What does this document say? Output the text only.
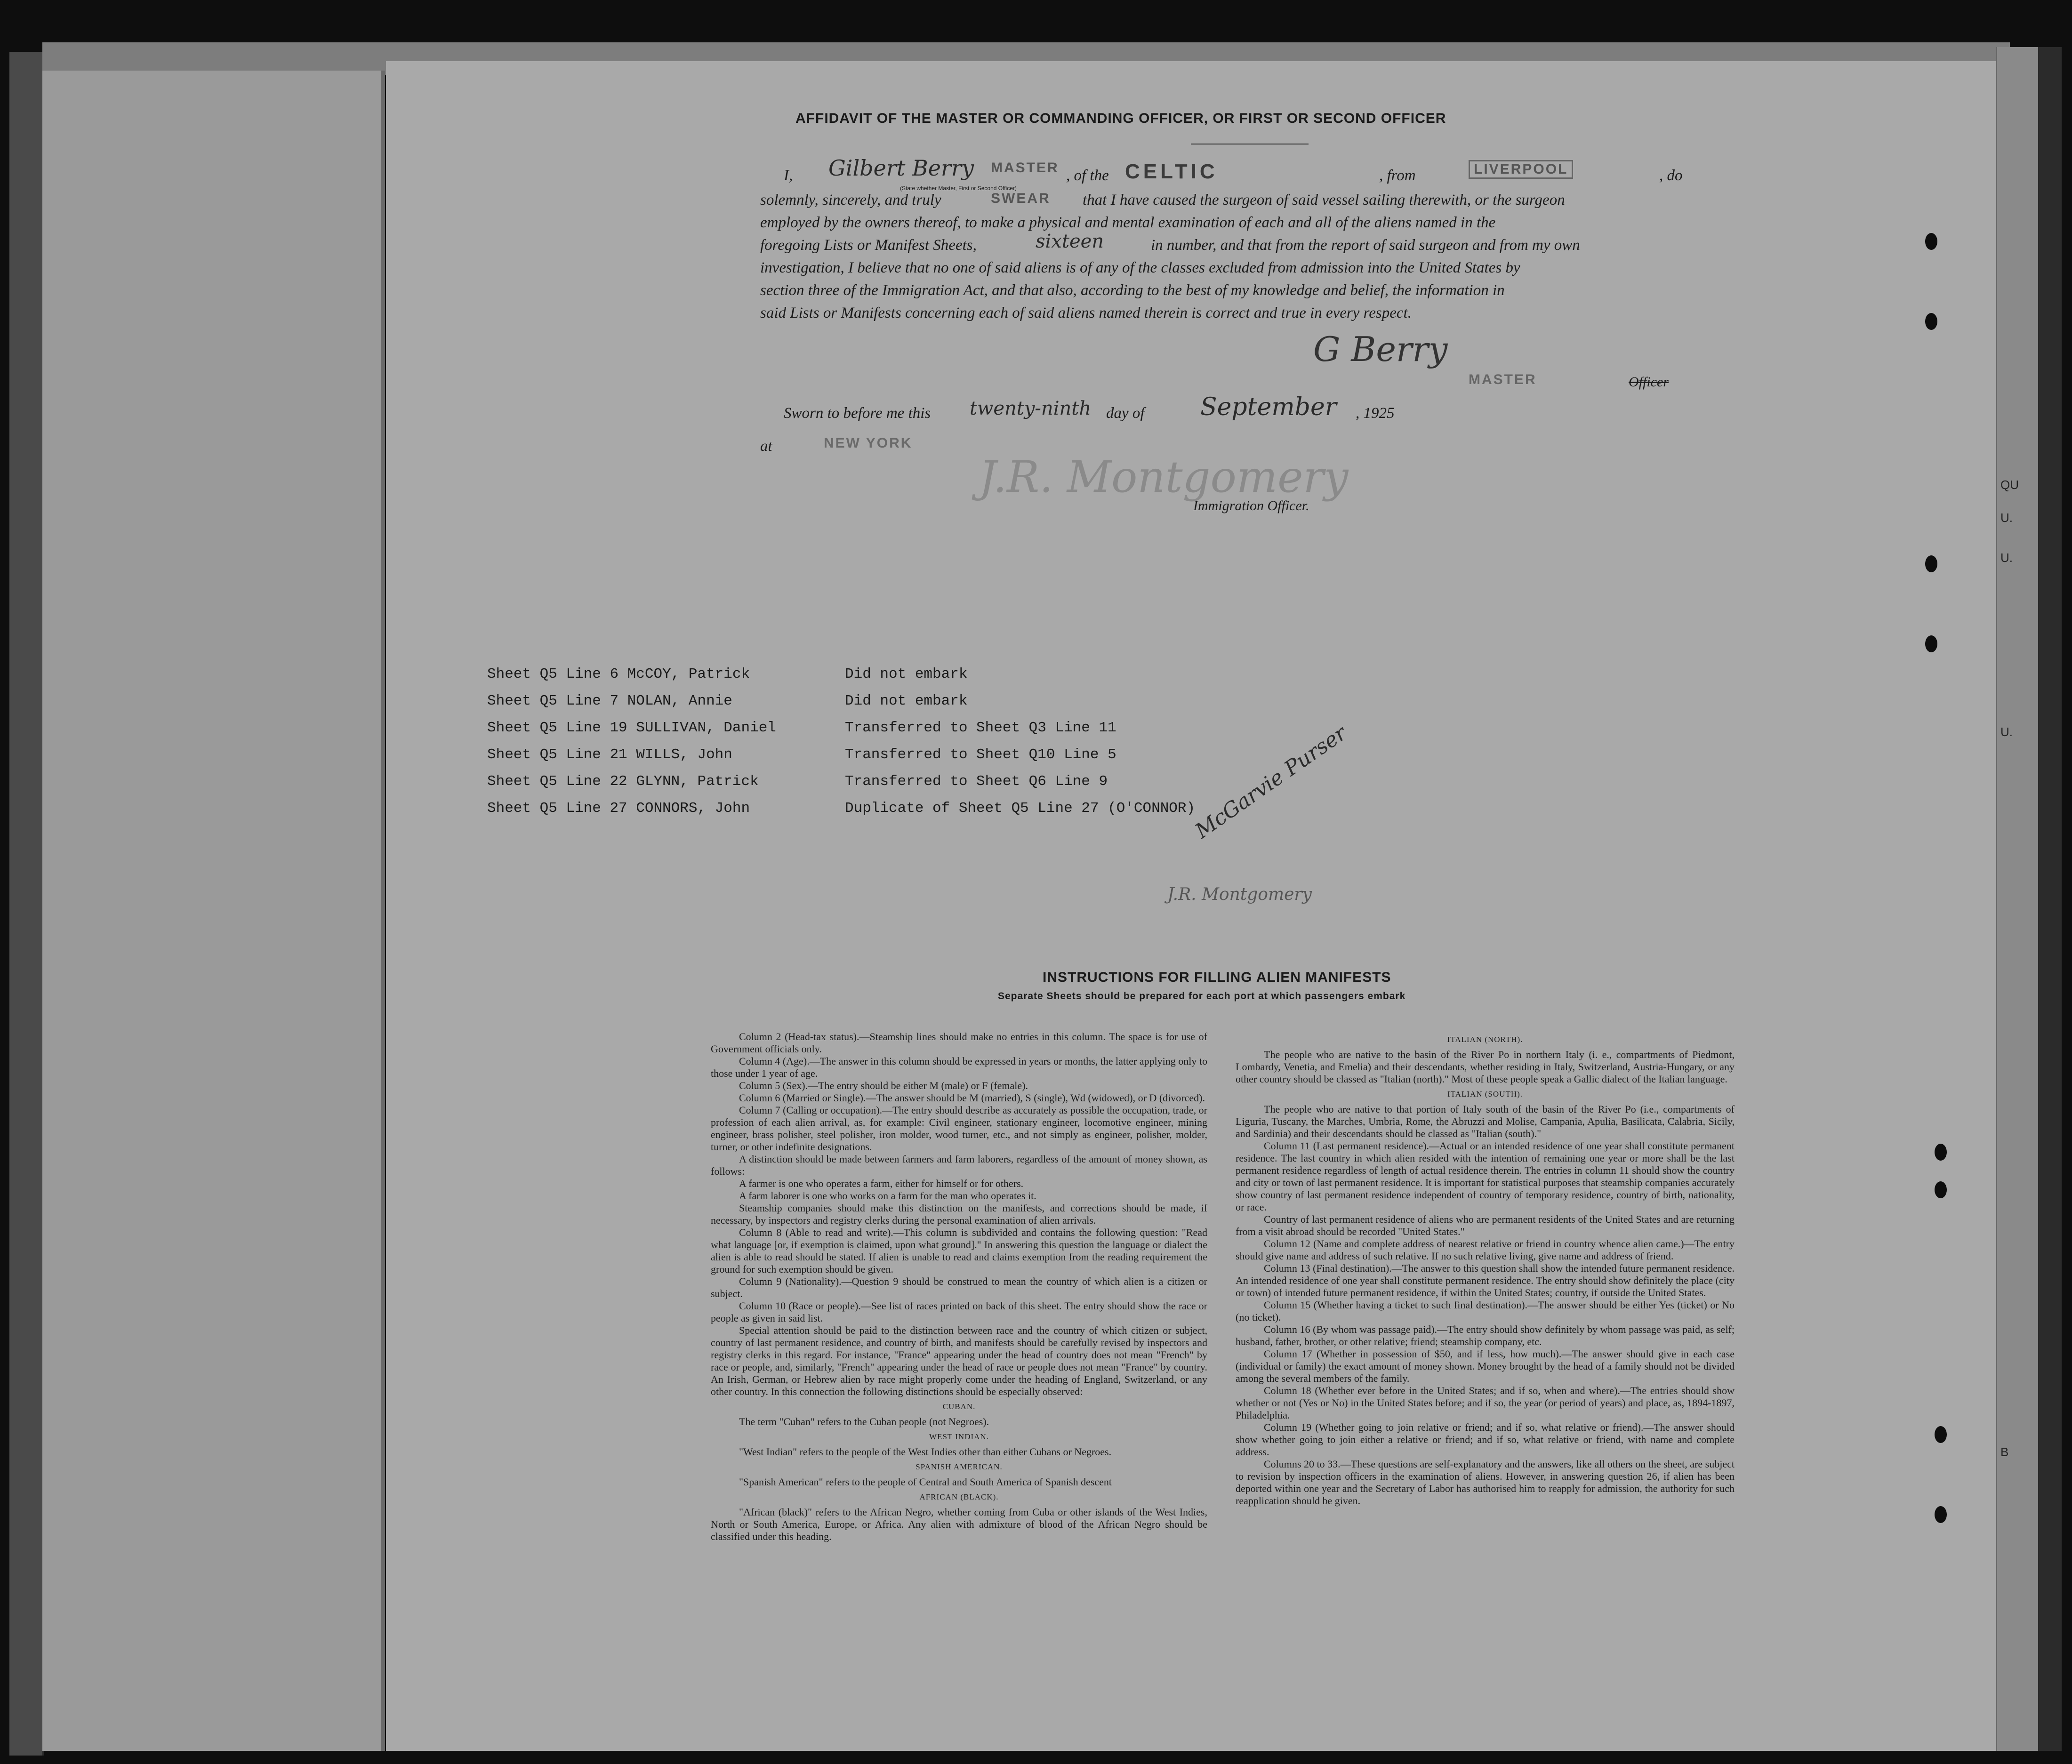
QU
U.
U.
U.
B
AFFIDAVIT OF THE MASTER OR COMMANDING OFFICER, OR FIRST OR SECOND OFFICER
I, Gilbert Berry MASTER
(State whether Master, First or Second Officer)
, of the CELTIC	, from	LIVERPOOL	, do
solemnly, sincerely, and truly	SWEAR that I have caused the surgeon of said vessel sailing therewith, or the surgeon
employed by the owners thereof, to make a physical and mental examination of each and all of the aliens named in the
foregoing Lists or Manifest Sheets,	sixteen	in number, and that from the report of said surgeon and from my own
investigation, I believe that no one of said aliens is of any of the classes excluded from admission into the United States by
section three of the Immigration Act, and that also, according to the best of my knowledge and belief, the information in
said Lists or Manifests concerning each of said aliens named therein is correct and true in every respect.
G Berry
MASTER	Officer
Sworn to before me this twenty-ninth day of September , 1925
at	NEW YORK
J.R. Montgomery
Immigration Officer.
Sheet Q5 Line 6 McCOY, Patrick	Did not embark
Sheet Q5 Line 7 NOLAN, Annie	Did not embark
Sheet Q5 Line 19 SULLIVAN, Daniel	Transferred to Sheet Q3 Line 11
Sheet Q5 Line 21 WILLS, John	Transferred to Sheet Q10 Line 5
Sheet Q5 Line 22 GLYNN, Patrick	Transferred to Sheet Q6 Line 9
Sheet Q5 Line 27 CONNORS, John	Duplicate of Sheet Q5 Line 27 (O'CONNOR)
McGarvie Purser
J.R. Montgomery
INSTRUCTIONS FOR FILLING ALIEN MANIFESTS
Separate Sheets should be prepared for each port at which passengers embark

Column 2 (Head-tax status).—Steamship lines should make no entries in this column. The space is for use of Government officials only.

Column 4 (Age).—The answer in this column should be expressed in years or months, the latter applying only to those under 1 year of age.

Column 5 (Sex).—The entry should be either M (male) or F (female).

Column 6 (Married or Single).—The answer should be M (married), S (single), Wd (widowed), or D (divorced).

Column 7 (Calling or occupation).—The entry should describe as accurately as possible the occupation, trade, or profession of each alien arrival, as, for example: Civil engineer, stationary engineer, locomotive engineer, mining engineer, brass polisher, steel polisher, iron molder, wood turner, etc., and not simply as engineer, polisher, molder, turner, or other indefinite designations.

A distinction should be made between farmers and farm laborers, regardless of the amount of money shown, as follows:

A farmer is one who operates a farm, either for himself or for others.

A farm laborer is one who works on a farm for the man who operates it.

Steamship companies should make this distinction on the manifests, and corrections should be made, if necessary, by inspectors and registry clerks during the personal examination of alien arrivals.

Column 8 (Able to read and write).—This column is subdivided and contains the following question: "Read what language [or, if exemption is claimed, upon what ground]." In answering this question the language or dialect the alien is able to read should be stated. If alien is unable to read and claims exemption from the reading requirement the ground for such exemption should be given.

Column 9 (Nationality).—Question 9 should be construed to mean the country of which alien is a citizen or subject.

Column 10 (Race or people).—See list of races printed on back of this sheet. The entry should show the race or people as given in said list.

Special attention should be paid to the distinction between race and the country of which citizen or subject, country of last permanent residence, and country of birth, and manifests should be carefully revised by inspectors and registry clerks in this regard. For instance, "France" appearing under the head of country does not mean "French" by race or people, and, similarly, "French" appearing under the head of race or people does not mean "France" by country. An Irish, German, or Hebrew alien by race might properly come under the heading of England, Switzerland, or any other country. In this connection the following distinctions should be especially observed:

CUBAN.

The term "Cuban" refers to the Cuban people (not Negroes).

WEST INDIAN.

"West Indian" refers to the people of the West Indies other than either Cubans or Negroes.

SPANISH AMERICAN.

"Spanish American" refers to the people of Central and South America of Spanish descent

AFRICAN (BLACK).

"African (black)" refers to the African Negro, whether coming from Cuba or other islands of the West Indies, North or South America, Europe, or Africa. Any alien with admixture of blood of the African Negro should be classified under this heading.

ITALIAN (NORTH).

The people who are native to the basin of the River Po in northern Italy (i. e., compartments of Piedmont, Lombardy, Venetia, and Emelia) and their descendants, whether residing in Italy, Switzerland, Austria-Hungary, or any other country should be classed as "Italian (north)." Most of these people speak a Gallic dialect of the Italian language.

ITALIAN (SOUTH).

The people who are native to that portion of Italy south of the basin of the River Po (i.e., compartments of Liguria, Tuscany, the Marches, Umbria, Rome, the Abruzzi and Molise, Campania, Apulia, Basilicata, Calabria, Sicily, and Sardinia) and their descendants should be classed as "Italian (south)."

Column 11 (Last permanent residence).—Actual or an intended residence of one year shall constitute permanent residence. The last country in which alien resided with the intention of remaining one year or more shall be the last permanent residence regardless of length of actual residence therein. The entries in column 11 should show the country and city or town of last permanent residence. It is important for statistical purposes that steamship companies accurately show country of last permanent residence independent of country of temporary residence, country of birth, nationality, or race.

Country of last permanent residence of aliens who are permanent residents of the United States and are returning from a visit abroad should be recorded "United States."

Column 12 (Name and complete address of nearest relative or friend in country whence alien came.)—The entry should give name and address of such relative. If no such relative living, give name and address of friend.

Column 13 (Final destination).—The answer to this question shall show the intended future permanent residence. An intended residence of one year shall constitute permanent residence. The entry should show definitely the place (city or town) of intended future permanent residence, if within the United States; country, if outside the United States.

Column 15 (Whether having a ticket to such final destination).—The answer should be either Yes (ticket) or No (no ticket).

Column 16 (By whom was passage paid).—The entry should show definitely by whom passage was paid, as self; husband, father, brother, or other relative; friend; steamship company, etc.

Column 17 (Whether in possession of $50, and if less, how much).—The answer should give in each case (individual or family) the exact amount of money shown. Money brought by the head of a family should not be divided among the several members of the family.

Column 18 (Whether ever before in the United States; and if so, when and where).—The entries should show whether or not (Yes or No) in the United States before; and if so, the year (or period of years) and place, as, 1894-1897, Philadelphia.

Column 19 (Whether going to join relative or friend; and if so, what relative or friend).—The answer should show whether going to join either a relative or friend; and if so, what relative or friend, with name and complete address.

Columns 20 to 33.—These questions are self-explanatory and the answers, like all others on the sheet, are subject to revision by inspection officers in the examination of aliens. However, in answering question 26, if alien has been deported within one year and the Secretary of Labor has authorised him to reapply for admission, the authority for such reapplication should be given.
